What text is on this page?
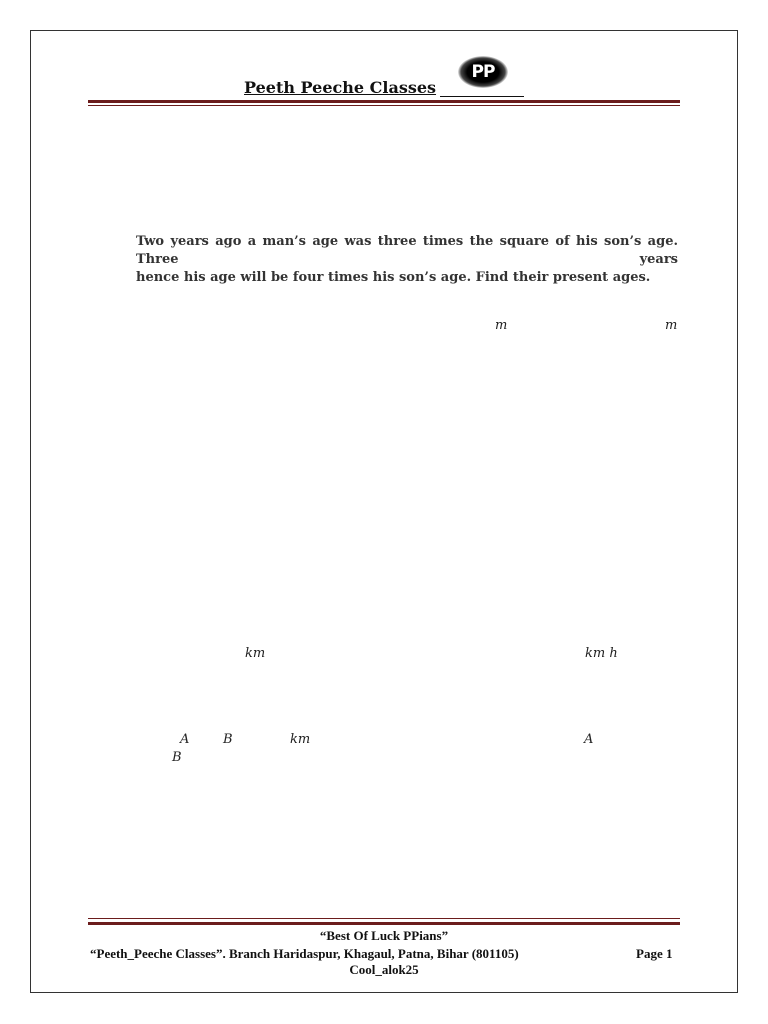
PP
Peeth Peeche Classes
Two years ago a man’s age was three times the square of his son’s age. Three years
hence his age will be four times his son’s age. Find their present ages.
m	m
km	km h
A	B	km	A
B
“Best Of Luck PPians”
“Peeth_Peeche Classes”. Branch Haridaspur, Khagaul, Patna, Bihar (801105)	Page 1
Cool_alok25
